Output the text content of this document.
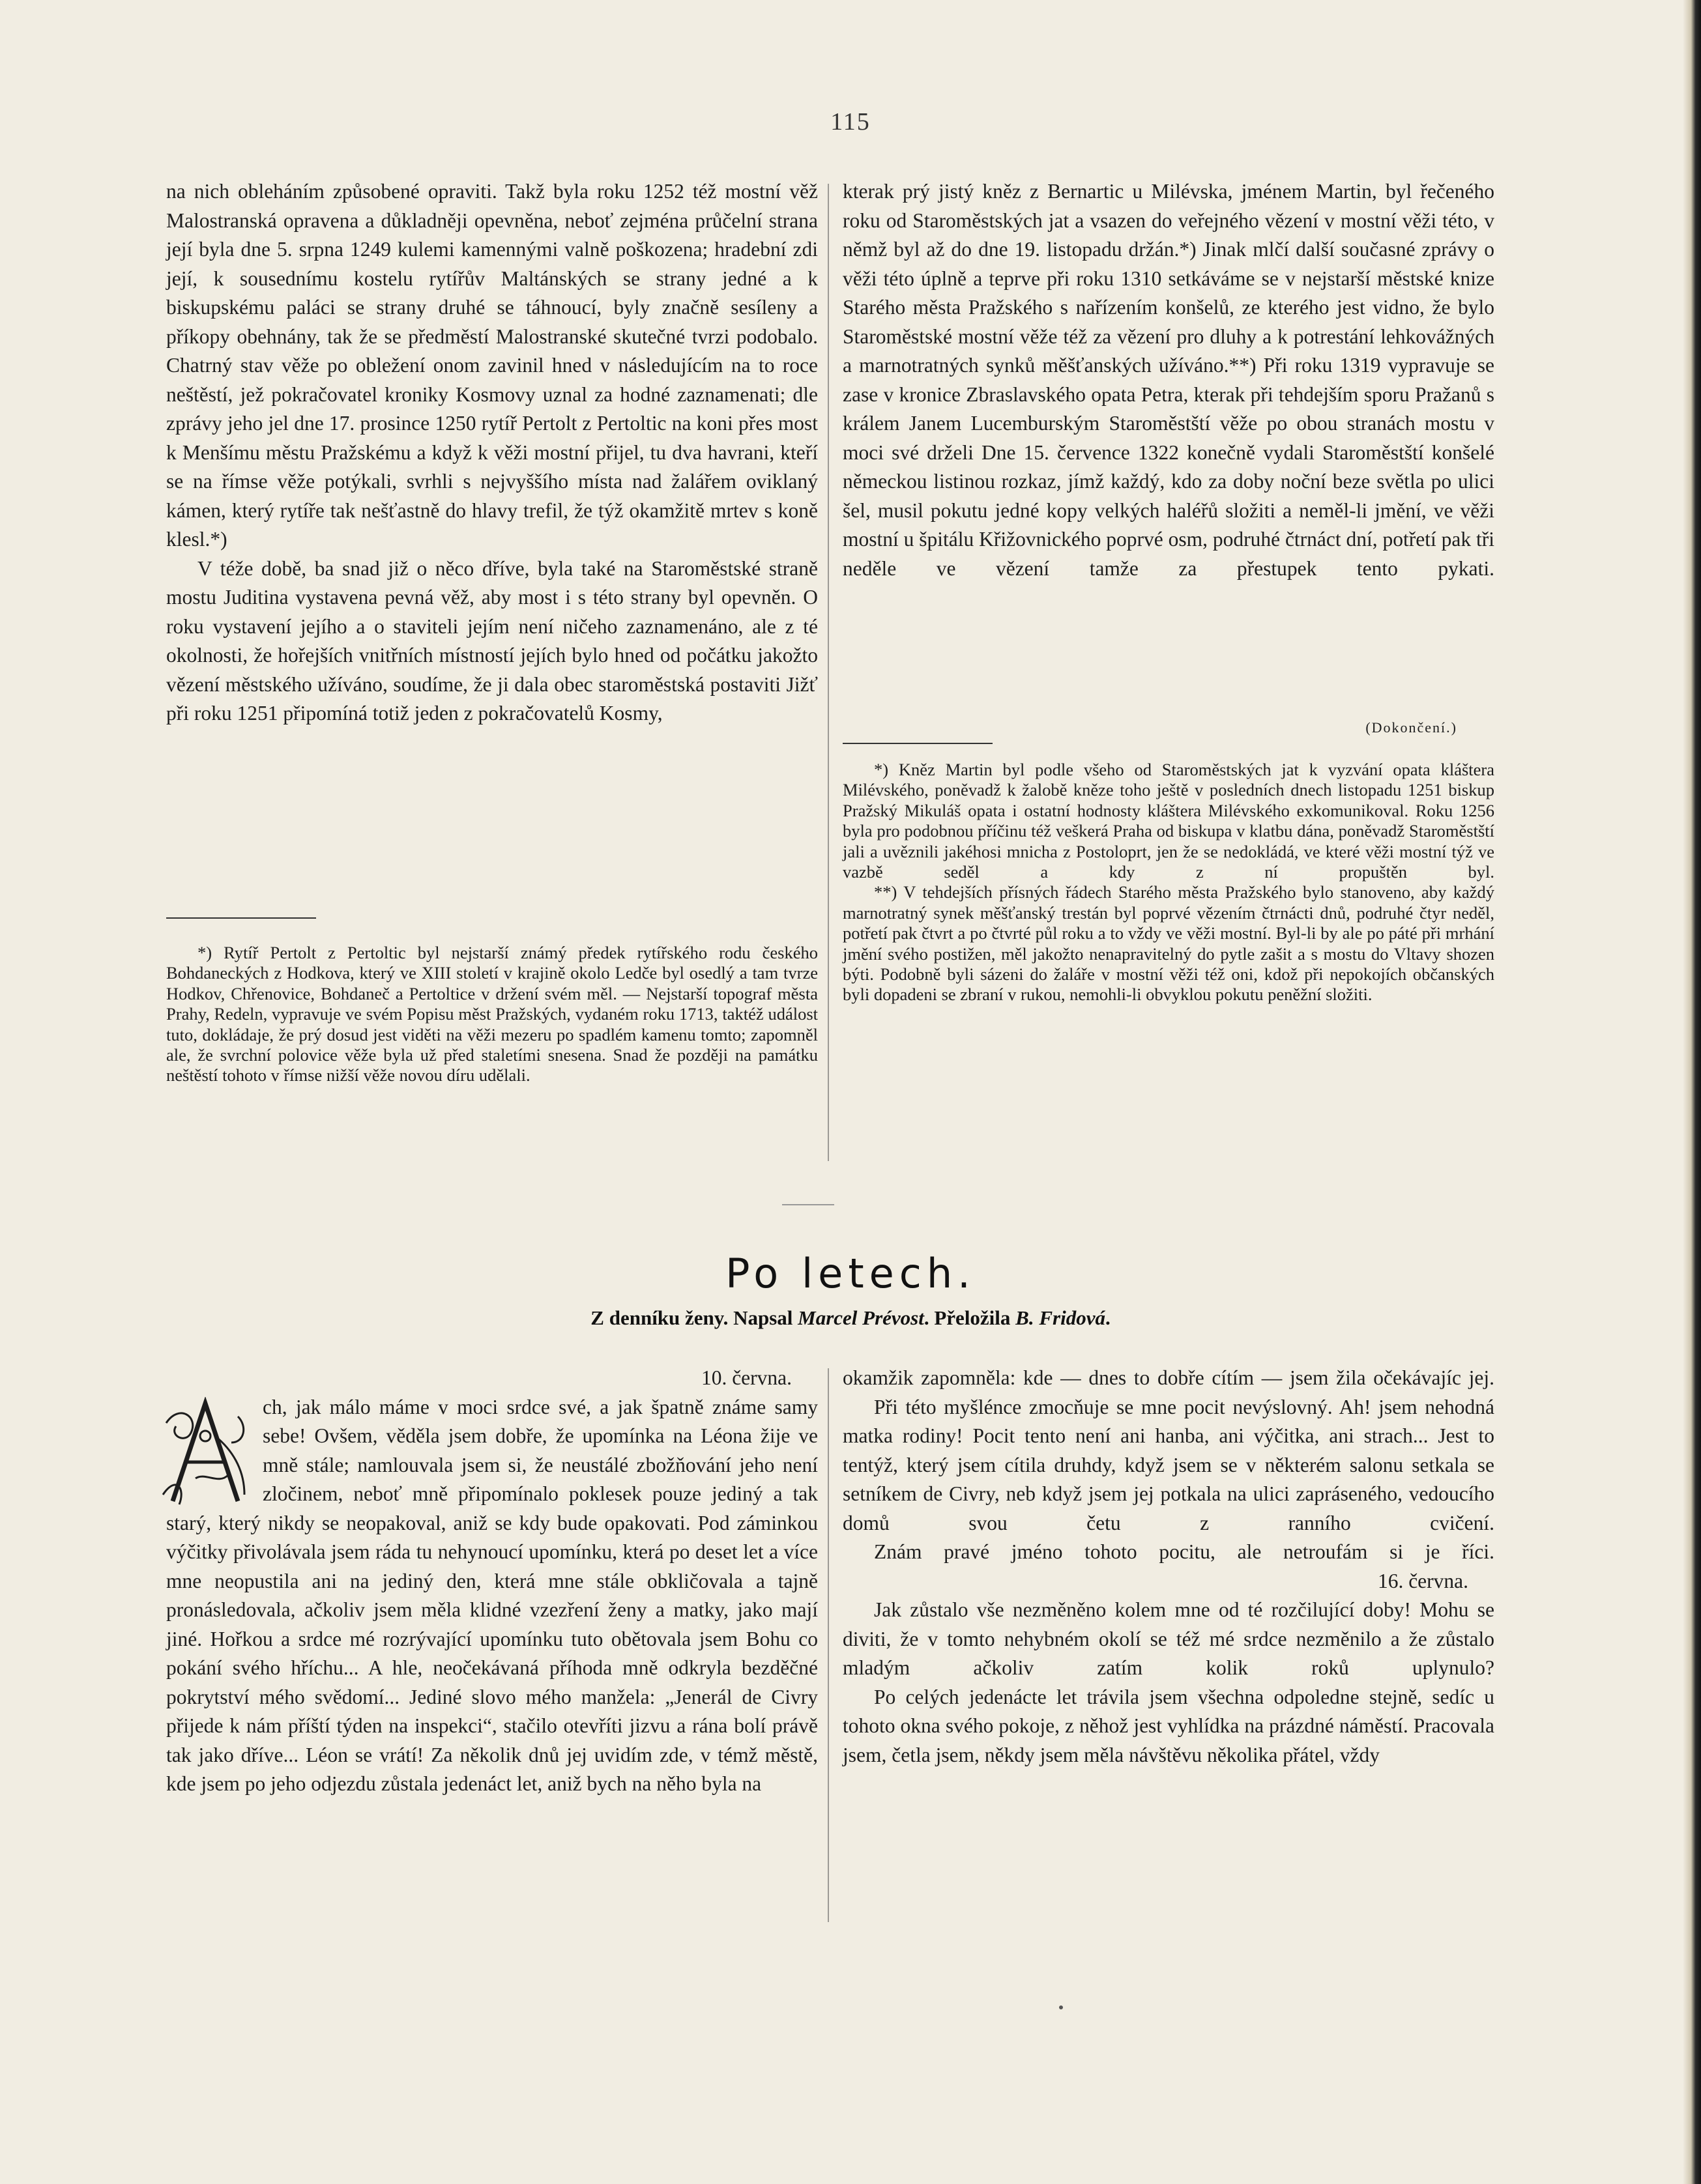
115

na nich obleháním způsobené opraviti. Takž byla roku 1252 též mostní věž Malostranská opravena a důkladněji opevněna, neboť zejména průčelní strana její byla dne 5. srpna 1249 kulemi kamennými valně poškozena; hradební zdi její, k sousednímu kostelu rytířův Maltánských se strany jedné a k biskupskému paláci se strany druhé se táhnoucí, byly značně sesíleny a příkopy obehnány, tak že se předměstí Malostranské skutečné tvrzi podobalo. Chatrný stav věže po obležení onom zavinil hned v následujícím na to roce neštěstí, jež pokračovatel kroniky Kosmovy uznal za hodné zaznamenati; dle zprávy jeho jel dne 17. prosince 1250 rytíř Pertolt z Pertoltic na koni přes most k Menšímu městu Pražskému a když k věži mostní přijel, tu dva havrani, kteří se na římse věže potýkali, svrhli s nejvyššího místa nad žalářem oviklaný kámen, který rytíře tak nešťastně do hlavy trefil, že týž okamžitě mrtev s koně klesl.*)

V téže době, ba snad již o něco dříve, byla také na Staroměstské straně mostu Juditina vystavena pevná věž, aby most i s této strany byl opevněn. O roku vystavení jejího a o staviteli jejím není ničeho zaznamenáno, ale z té okolnosti, že hořejších vnitřních místností jejích bylo hned od počátku jakožto vězení městského užíváno, soudíme, že ji dala obec staroměstská postaviti Jižť při roku 1251 připomíná totiž jeden z pokračovatelů Kosmy,

*) Rytíř Pertolt z Pertoltic byl nejstarší známý předek rytířského rodu českého Bohdaneckých z Hodkova, který ve XIII století v krajině okolo Ledče byl osedlý a tam tvrze Hodkov, Chřenovice, Bohdaneč a Pertoltice v držení svém měl. — Nejstarší topograf města Prahy, Redeln, vypravuje ve svém Popisu měst Pražských, vydaném roku 1713, taktéž událost tuto, dokládaje, že prý dosud jest viděti na věži mezeru po spadlém kamenu tomto; zapomněl ale, že svrchní polovice věže byla už před staletími snesena. Snad že později na památku neštěstí tohoto v římse nižší věže novou díru udělali.

kterak prý jistý kněz z Bernartic u Milévska, jménem Martin, byl řečeného roku od Staroměstských jat a vsazen do veřejného vězení v mostní věži této, v němž byl až do dne 19. listopadu držán.*) Jinak mlčí další současné zprávy o věži této úplně a teprve při roku 1310 setkáváme se v nejstarší městské knize Starého města Pražského s nařízením konšelů, ze kterého jest vidno, že bylo Staroměstské mostní věže též za vězení pro dluhy a k potrestání lehkovážných a marnotratných synků měšťanských užíváno.**) Při roku 1319 vypravuje se zase v kronice Zbraslavského opata Petra, kterak při tehdejším sporu Pražanů s králem Janem Lucemburským Staroměstští věže po obou stranách mostu v moci své drželi Dne 15. července 1322 konečně vydali Staroměstští konšelé německou listinou rozkaz, jímž každý, kdo za doby noční beze světla po ulici šel, musil pokutu jedné kopy velkých haléřů složiti a neměl-li jmění, ve věži mostní u špitálu Křižovnického poprvé osm, podruhé čtrnáct dní, potřetí pak tři neděle ve vězení tamže za přestupek tento pykati.

(Dokončení.)

*) Kněz Martin byl podle všeho od Staroměstských jat k vyzvání opata kláštera Milévského, poněvadž k žalobě kněze toho ještě v posledních dnech listopadu 1251 biskup Pražský Mikuláš opata i ostatní hodnosty kláštera Milévského exkomunikoval. Roku 1256 byla pro podobnou příčinu též veškerá Praha od biskupa v klatbu dána, poněvadž Staroměstští jali a uvěznili jakéhosi mnicha z Postoloprt, jen že se nedokládá, ve které věži mostní týž ve vazbě seděl a kdy z ní propuštěn byl.

**) V tehdejších přísných řádech Starého města Pražského bylo stanoveno, aby každý marnotratný synek měšťanský trestán byl poprvé vězením čtrnácti dnů, podruhé čtyr neděl, potřetí pak čtvrt a po čtvrté půl roku a to vždy ve věži mostní. Byl-li by ale po páté při mrhání jmění svého postižen, měl jakožto nenapravitelný do pytle zašit a s mostu do Vltavy shozen býti. Podobně byli sázeni do žaláře v mostní věži též oni, kdož při nepokojích občanských byli dopadeni se zbraní v rukou, nemohli-li obvyklou pokutu peněžní složiti.

Po letech.
Z denníku ženy. Napsal Marcel Prévost. Přeložila B. Fridová.

10. června.

ch, jak málo máme v moci srdce své, a jak špatně známe samy sebe! Ovšem, věděla jsem dobře, že upomínka na Léona žije ve mně stále; namlouvala jsem si, že neustálé zbožňování jeho není zločinem, neboť mně připomínalo poklesek pouze jediný a tak starý, který nikdy se neopakoval, aniž se kdy bude opakovati. Pod záminkou výčitky přivolávala jsem ráda tu nehynoucí upomínku, která po deset let a více mne neopustila ani na jediný den, která mne stále obkličovala a tajně pronásledovala, ačkoliv jsem měla klidné vzezření ženy a matky, jako mají jiné. Hořkou a srdce mé rozrývající upomínku tuto obětovala jsem Bohu co pokání svého hříchu... A hle, neočekávaná příhoda mně odkryla bezděčné pokrytství mého svědomí... Jediné slovo mého manžela: „Jenerál de Civry přijede k nám příští týden na inspekci“, stačilo otevříti jizvu a rána bolí právě tak jako dříve... Léon se vrátí! Za několik dnů jej uvidím zde, v témž městě, kde jsem po jeho odjezdu zůstala jedenáct let, aniž bych na něho byla na

okamžik zapomněla: kde — dnes to dobře cítím — jsem žila očekávajíc jej.

Při této myšlénce zmocňuje se mne pocit nevýslovný. Ah! jsem nehodná matka rodiny! Pocit tento není ani hanba, ani výčitka, ani strach... Jest to tentýž, který jsem cítila druhdy, když jsem se v některém salonu setkala se setníkem de Civry, neb když jsem jej potkala na ulici zapráseného, vedoucího domů svou četu z ranního cvičení.

Znám pravé jméno tohoto pocitu, ale netroufám si je říci.

16. června.

Jak zůstalo vše nezměněno kolem mne od té rozčilující doby! Mohu se diviti, že v tomto nehybném okolí se též mé srdce nezměnilo a že zůstalo mladým ačkoliv zatím kolik roků uplynulo?

Po celých jedenácte let trávila jsem všechna odpoledne stejně, sedíc u tohoto okna svého pokoje, z něhož jest vyhlídka na prázdné náměstí. Pracovala jsem, četla jsem, někdy jsem měla návštěvu několika přátel, vždy
